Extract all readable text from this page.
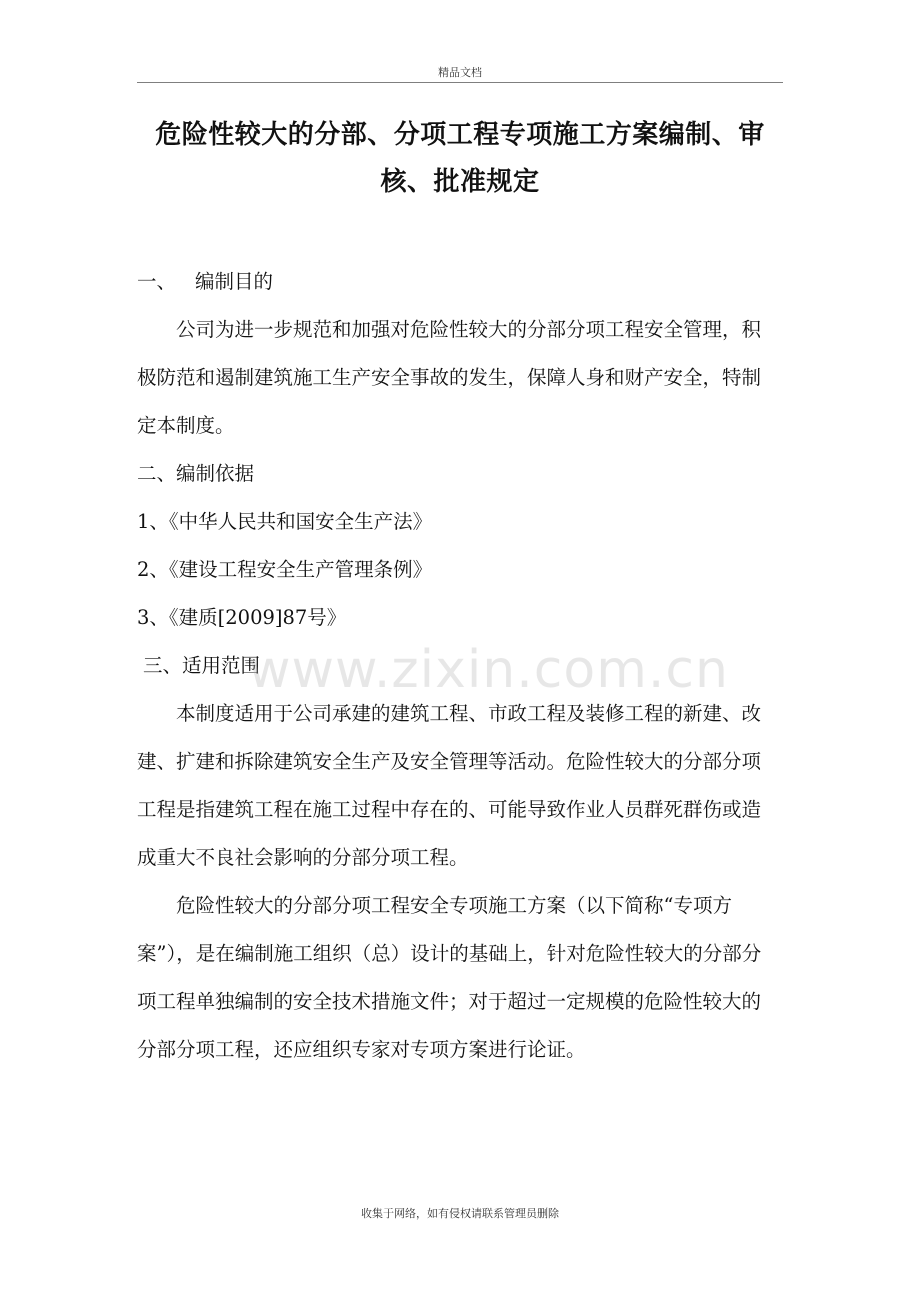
精品文档
危险性较大的分部、分项工程专项施工方案编制、审
核、批准规定

一、 编制目的

公司为进一步规范和加强对危险性较大的分部分项工程安全管理，积极防范和遏制建筑施工生产安全事故的发生，保障人身和财产安全，特制定本制度。

二、编制依据

1、《中华人民共和国安全生产法》

2、《建设工程安全生产管理条例》

3、《建质[2009]87号》

三、适用范围

本制度适用于公司承建的建筑工程、市政工程及装修工程的新建、改建、扩建和拆除建筑安全生产及安全管理等活动。危险性较大的分部分项工程是指建筑工程在施工过程中存在的、可能导致作业人员群死群伤或造成重大不良社会影响的分部分项工程。

危险性较大的分部分项工程安全专项施工方案（以下简称“专项方案”），是在编制施工组织（总）设计的基础上，针对危险性较大的分部分项工程单独编制的安全技术措施文件；对于超过一定规模的危险性较大的分部分项工程，还应组织专家对专项方案进行论证。

www.zixin.com.cn
收集于网络，如有侵权请联系管理员删除
